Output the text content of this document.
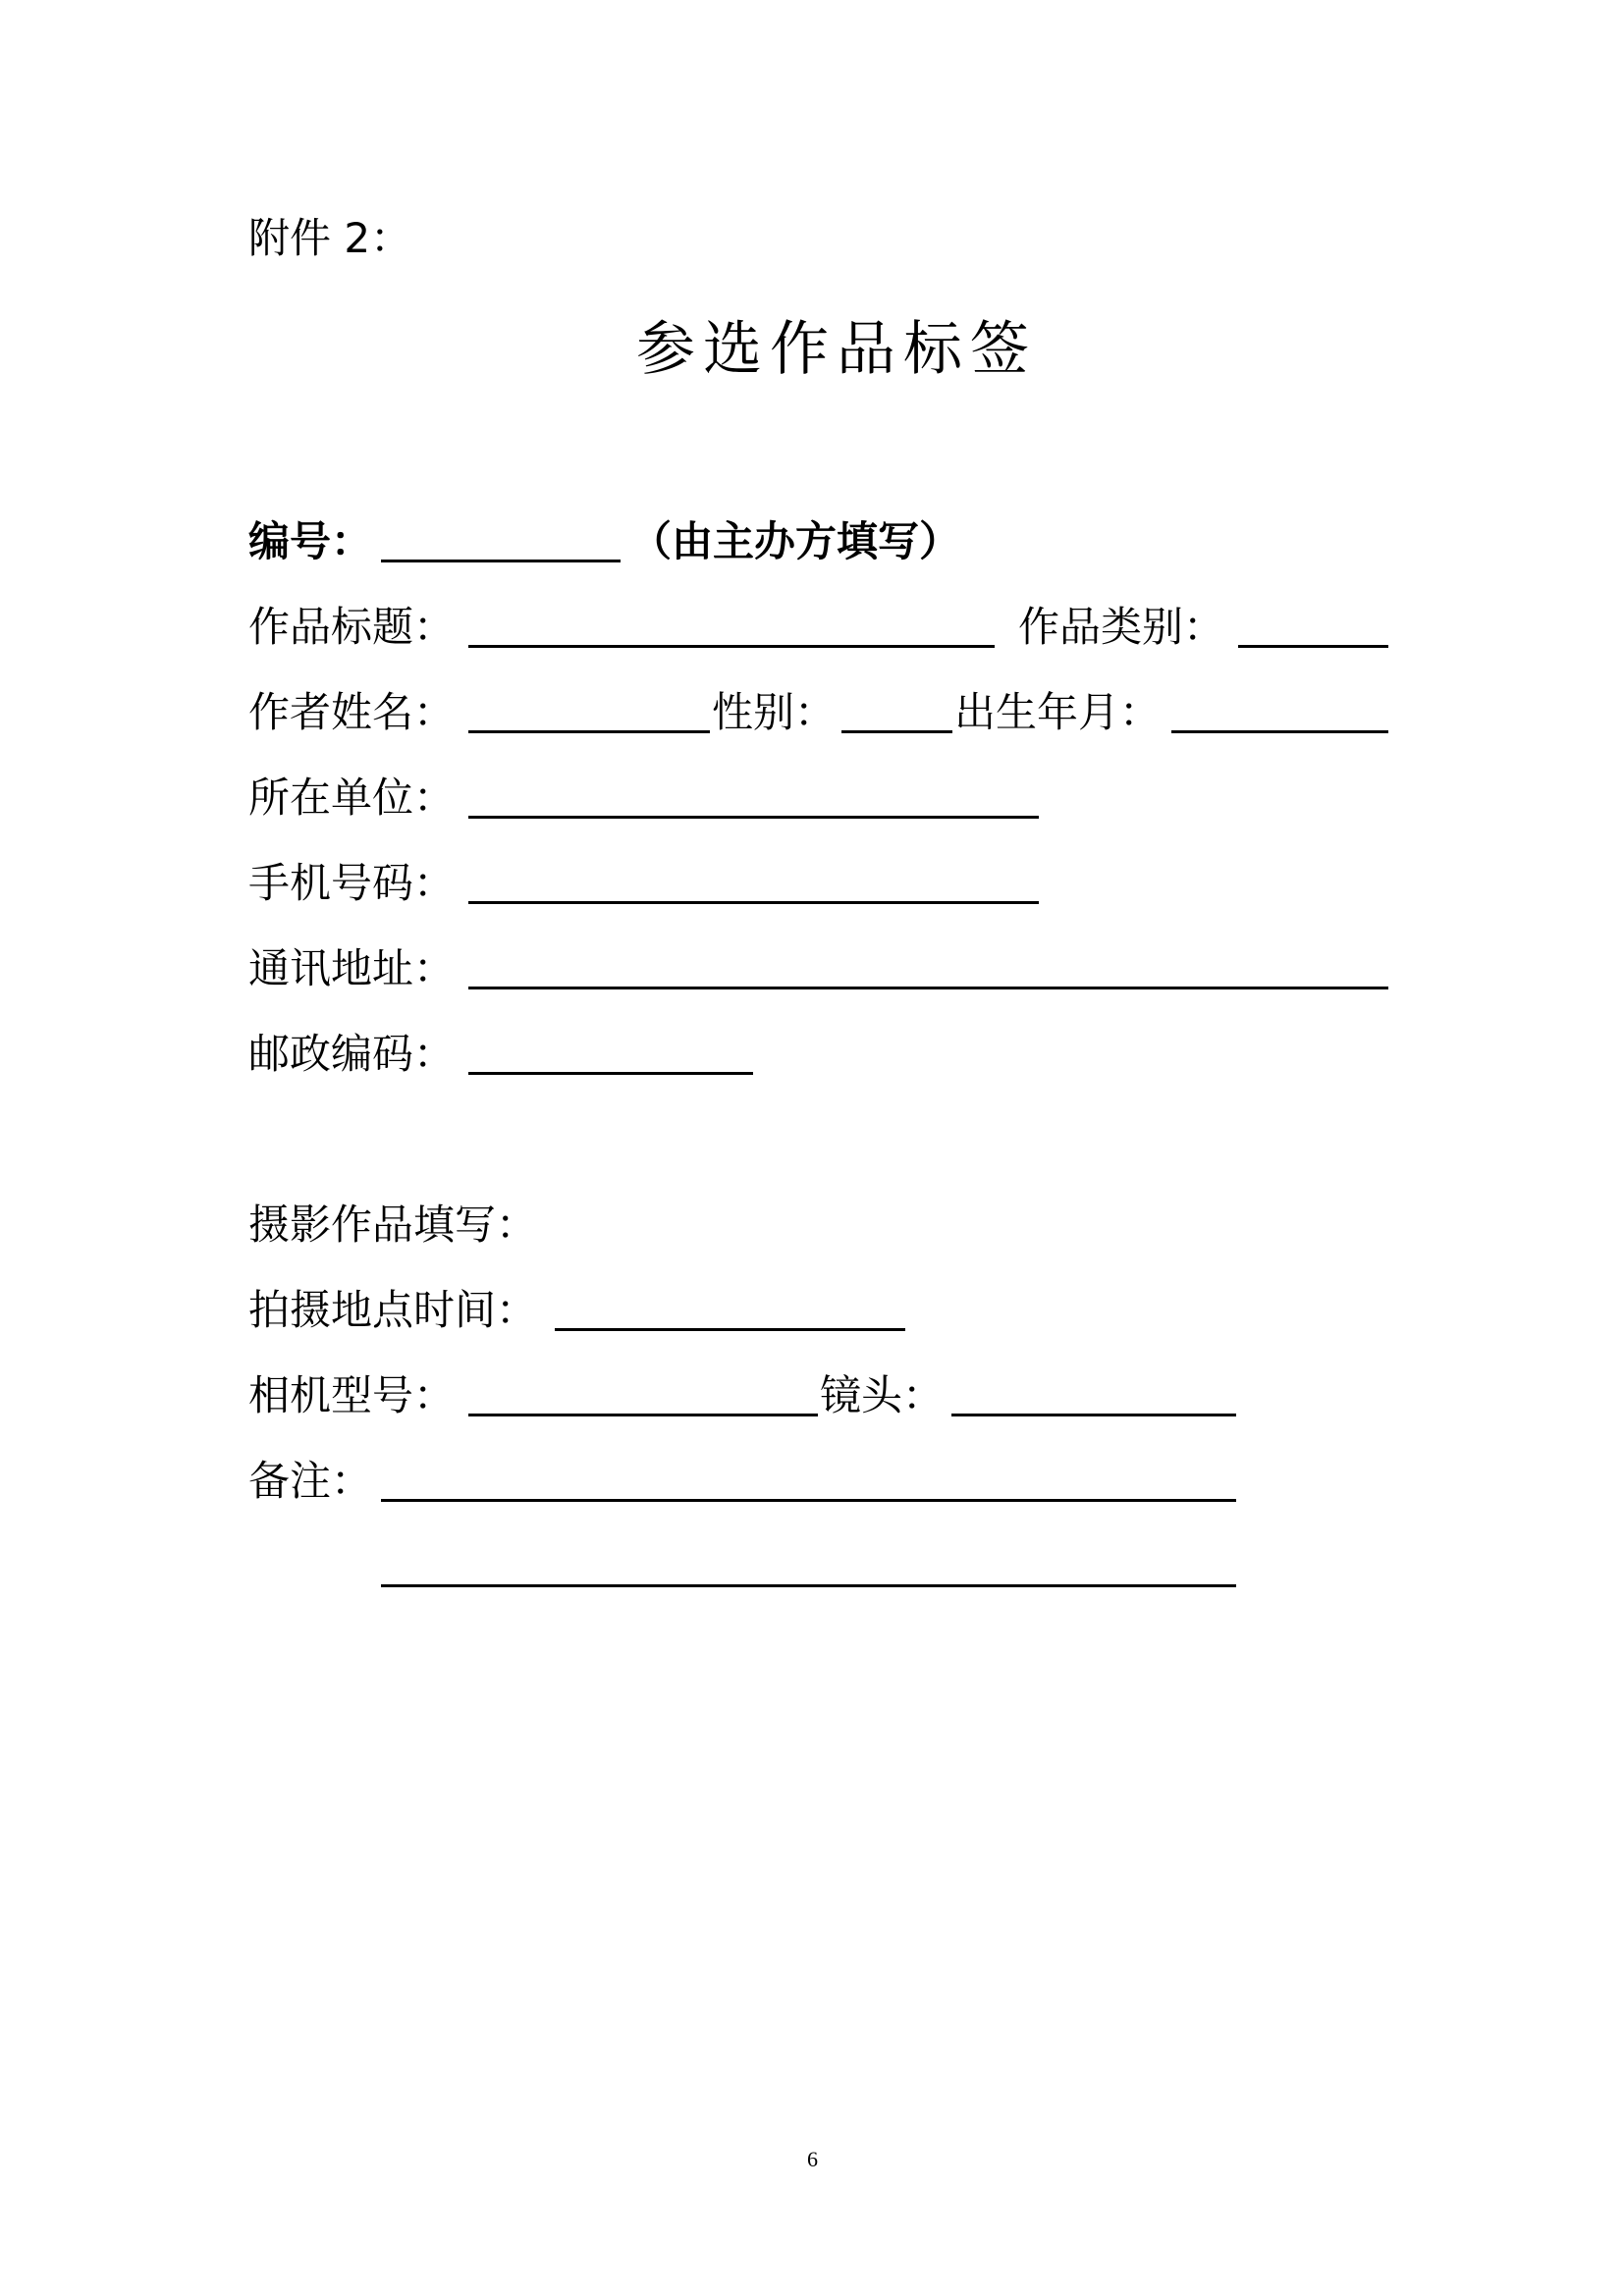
附件 2：
参选作品标签
编号：	（由主办方填写）
作品标题：	作品类别：
作者姓名：	性别：	出生年月：
所在单位：
手机号码：
通讯地址：
邮政编码：
摄影作品填写：
拍摄地点时间：
相机型号：	镜头：
备注：
6
